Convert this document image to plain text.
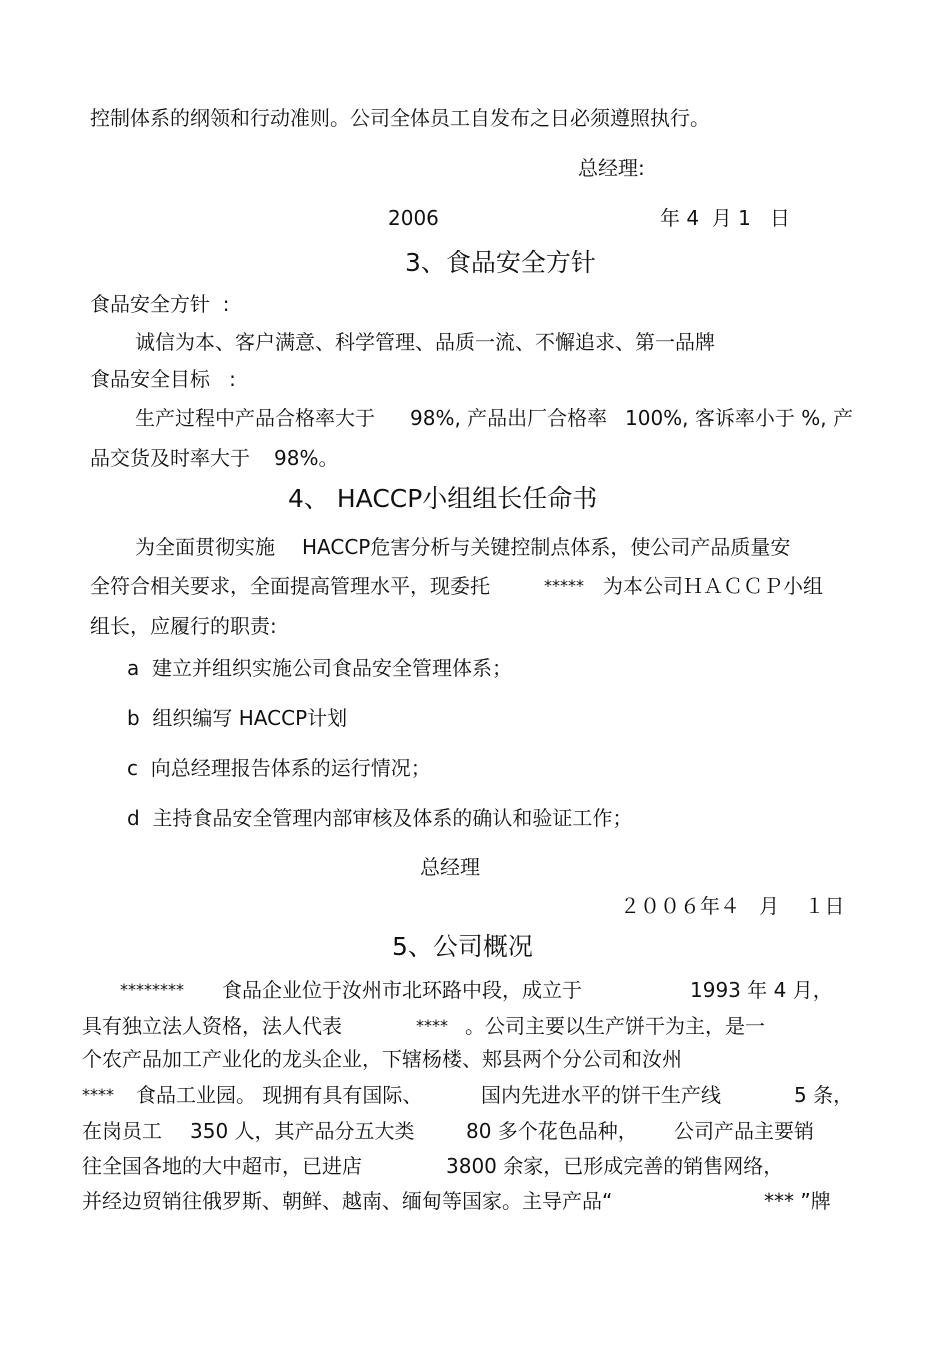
控制体系的纲领和行动准则。公司全体员工自发布之日必须遵照执行。
总经理:
2006	年 4  月 1   日
3、食品安全方针
食品安全方针  :
诚信为本、客户满意、科学管理、品质一流、不懈追求、第一品牌
食品安全目标   :
生产过程中产品合格率大于 98%, 产品出厂合格率 100%, 客诉率小于 %, 产
品交货及时率大于 98%。
4、 HACCP小组组长任命书
为全面贯彻实施 HACCP危害分析与关键控制点体系，使公司产品质量安
全符合相关要求，全面提高管理水平，现委托	***** 为本公司ＨＡＣＣＰ小组
组长，应履行的职责:
a  建立并组织实施公司食品安全管理体系；
b  组织编写 HACCP计划
c  向总经理报告体系的运行情况；
d  主持食品安全管理内部审核及体系的确认和验证工作；
总经理
２００６年４   月    １日
5、公司概况
******** 食品企业位于汝州市北环路中段，成立于	1993 年 4 月，
具有独立法人资格，法人代表	**** 。公司主要以生产饼干为主，是一
个农产品加工产业化的龙头企业，下辖杨楼、郏县两个分公司和汝州
**** 食品工业园。 现拥有具有国际、	国内先进水平的饼干生产线	5 条，
在岗员工 350 人，其产品分五大类	80 多个花色品种， 公司产品主要销
往全国各地的大中超市，已进店	3800 余家，已形成完善的销售网络，
并经边贸销往俄罗斯、朝鲜、越南、缅甸等国家。主导产品“	*** ”牌
